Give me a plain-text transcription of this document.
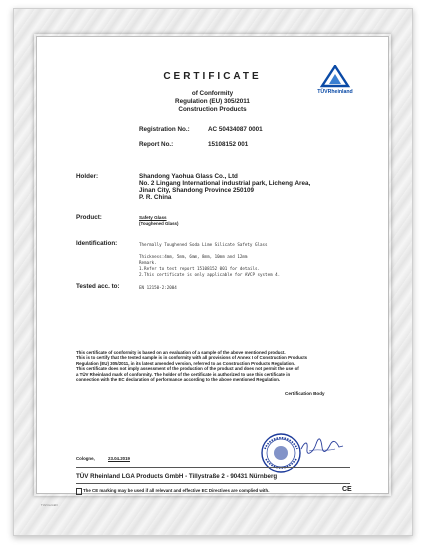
CERTIFICATE
of Conformity
Regulation (EU) 305/2011
Construction Products
TÜVRheinland
Registration No.:	AC 50434087 0001
Report No.:	15108152 001
Holder:	Shandong Yaohua Glass Co., Ltd
No. 2 Lingang International industrial park, Licheng Area,
Jinan City, Shandong Province 250109
P. R. China
Product:	Safety Glass
(Toughened Glass)
Identification:	Thermally Toughened Soda Lime Silicate Safety Glass
Thickness:4mm, 5mm, 6mm, 8mm, 10mm and 12mm
Remark.
1.Refer to test report 15108152 001 for details.
2.This certificate is only applicable for AVCP system 4.
Tested acc. to:	EN 12150-2:2004
This certificate of conformity is based on an evaluation of a sample of the above mentioned product.
This is to certify that the tested sample is in conformity with all provisions of Annex I of Construction Products
Regulation (EU) 305/2011, in its latest amended version, referred to as Construction Products Regulation.
This certificate does not imply assessment of the production of the product and does not permit the use of
a TÜV Rheinland mark of conformity. The holder of the certificate is authorized to use this certificate in
connection with the EC declaration of performance according to the above mentioned Regulation.
Certification Body
Cologne,	23.04.2019
TÜV Rheinland LGA Products GmbH - Tillystraße 2 - 90431 Nürnberg
The CE marking may be used if all relevant and effective EC Directives are complied with.	CE
TUV-Cert-EN
